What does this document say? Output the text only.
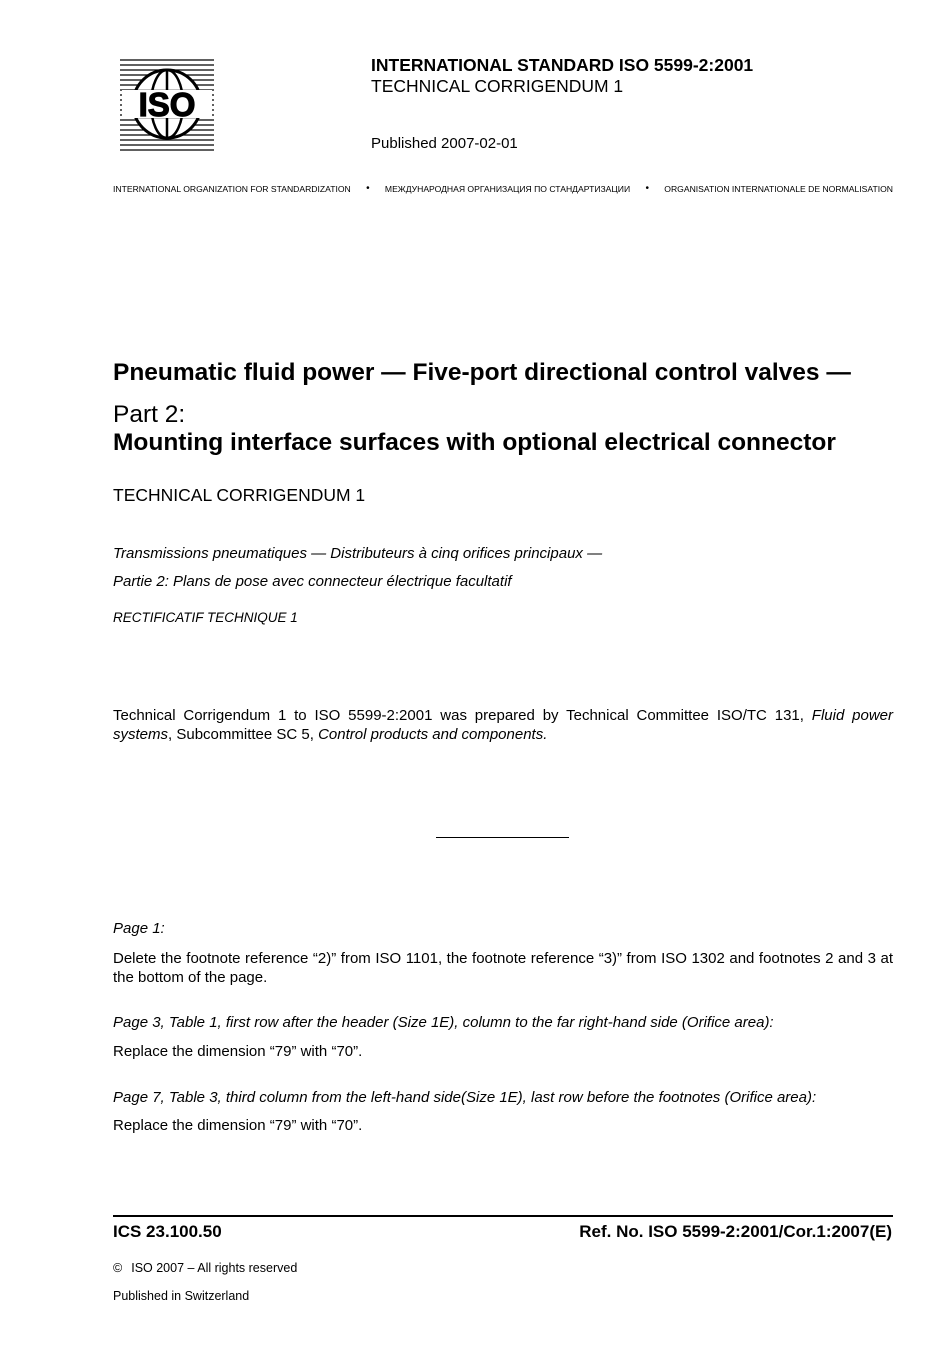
ISO
INTERNATIONAL STANDARD ISO 5599-2:2001
TECHNICAL CORRIGENDUM 1
Published 2007-02-01
INTERNATIONAL ORGANIZATION FOR STANDARDIZATION • МЕЖДУНАРОДНАЯ ОРГАНИЗАЦИЯ ПО СТАНДАРТИЗАЦИИ • ORGANISATION INTERNATIONALE DE NORMALISATION
Pneumatic fluid power — Five-port directional control valves —
Part 2:
Mounting interface surfaces with optional electrical connector
TECHNICAL CORRIGENDUM 1
Transmissions pneumatiques — Distributeurs à cinq orifices principaux —
Partie 2: Plans de pose avec connecteur électrique facultatif
RECTIFICATIF TECHNIQUE 1
Technical Corrigendum 1 to ISO 5599-2:2001 was prepared by Technical Committee ISO/TC 131, Fluid power systems, Subcommittee SC 5, Control products and components.
Page 1:
Delete the footnote reference “2)” from ISO 1101, the footnote reference “3)” from ISO 1302 and footnotes 2 and 3 at the bottom of the page.
Page 3, Table 1, first row after the header (Size 1E), column to the far right-hand side (Orifice area):
Replace the dimension “79” with “70”.
Page 7, Table 3, third column from the left-hand side(Size 1E), last row before the footnotes (Orifice area):
Replace the dimension “79” with “70”.
ICS 23.100.50	Ref. No. ISO 5599-2:2001/Cor.1:2007(E)
© ISO 2007 – All rights reserved
Published in Switzerland
